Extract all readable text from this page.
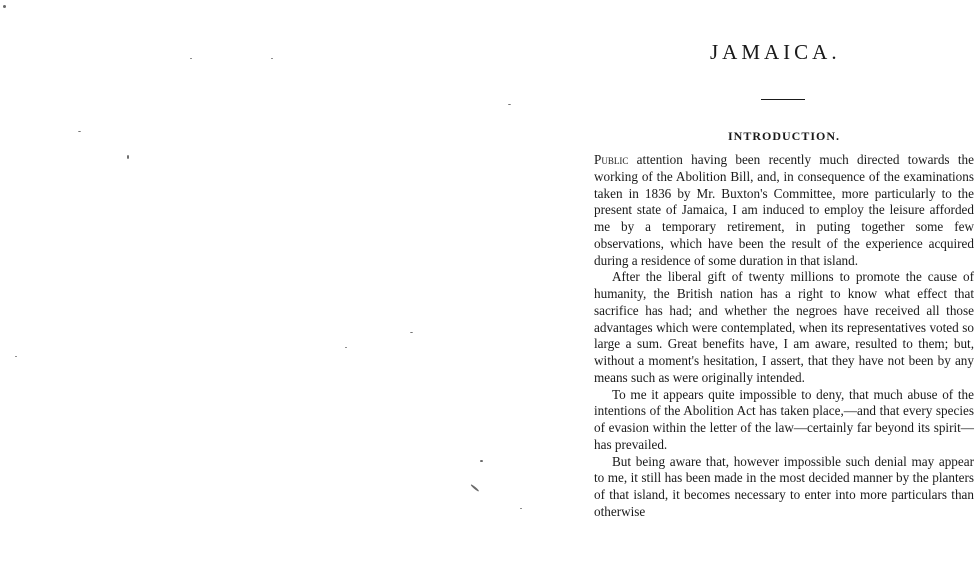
JAMAICA.
INTRODUCTION.

Public attention having been recently much directed towards the working of the Abolition Bill, and, in consequence of the examinations taken in 1836 by Mr. Buxton's Committee, more particularly to the present state of Jamaica, I am induced to employ the leisure afforded me by a temporary retirement, in puting together some few observations, which have been the result of the experience acquired during a residence of some duration in that island.

After the liberal gift of twenty millions to promote the cause of humanity, the British nation has a right to know what effect that sacrifice has had; and whether the negroes have received all those advantages which were contemplated, when its representatives voted so large a sum. Great benefits have, I am aware, resulted to them; but, without a moment's hesitation, I assert, that they have not been by any means such as were originally intended.

To me it appears quite impossible to deny, that much abuse of the intentions of the Abolition Act has taken place,—and that every species of evasion within the letter of the law—certainly far beyond its spirit—has prevailed.

But being aware that, however impossible such denial may appear to me, it still has been made in the most decided manner by the planters of that island, it becomes necessary to enter into more particulars than otherwise
